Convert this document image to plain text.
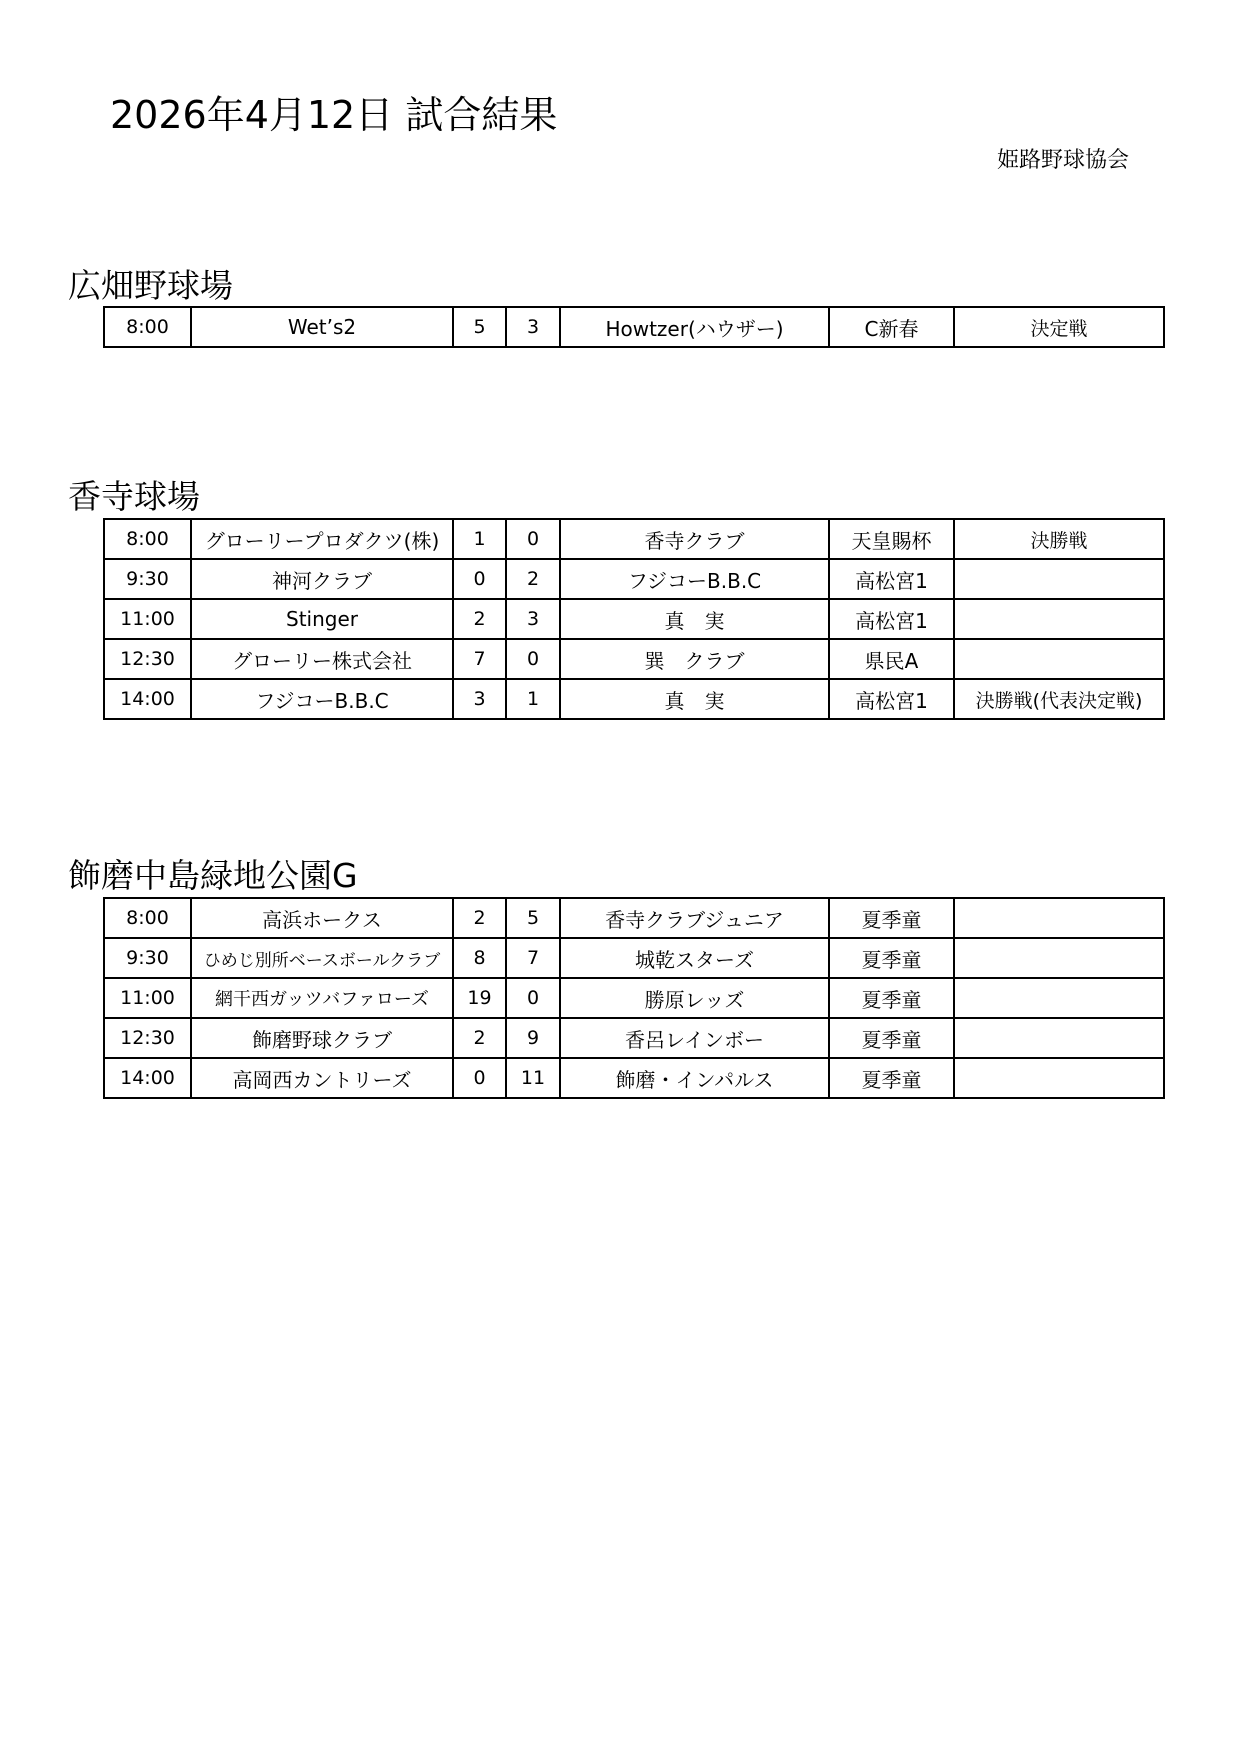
2026年4月12日 試合結果
姫路野球協会
広畑野球場
8:00	Wet’s2	5	3	Howtzer(ハウザー)	C新春	決定戦
香寺球場
8:00	グローリープロダクツ(株)	1	0	香寺クラブ	天皇賜杯	決勝戦
9:30	神河クラブ	0	2	フジコーB.B.C	高松宮1	
11:00	Stinger	2	3	真　実	高松宮1	
12:30	グローリー株式会社	7	0	巽　クラブ	県民A	
14:00	フジコーB.B.C	3	1	真　実	高松宮1	決勝戦(代表決定戦)
飾磨中島緑地公園G
8:00	高浜ホークス	2	5	香寺クラブジュニア	夏季童	
9:30	ひめじ別所ベースボールクラブ	8	7	城乾スターズ	夏季童	
11:00	網干西ガッツバファローズ	19	0	勝原レッズ	夏季童	
12:30	飾磨野球クラブ	2	9	香呂レインボー	夏季童	
14:00	高岡西カントリーズ	0	11	飾磨・インパルス	夏季童	
